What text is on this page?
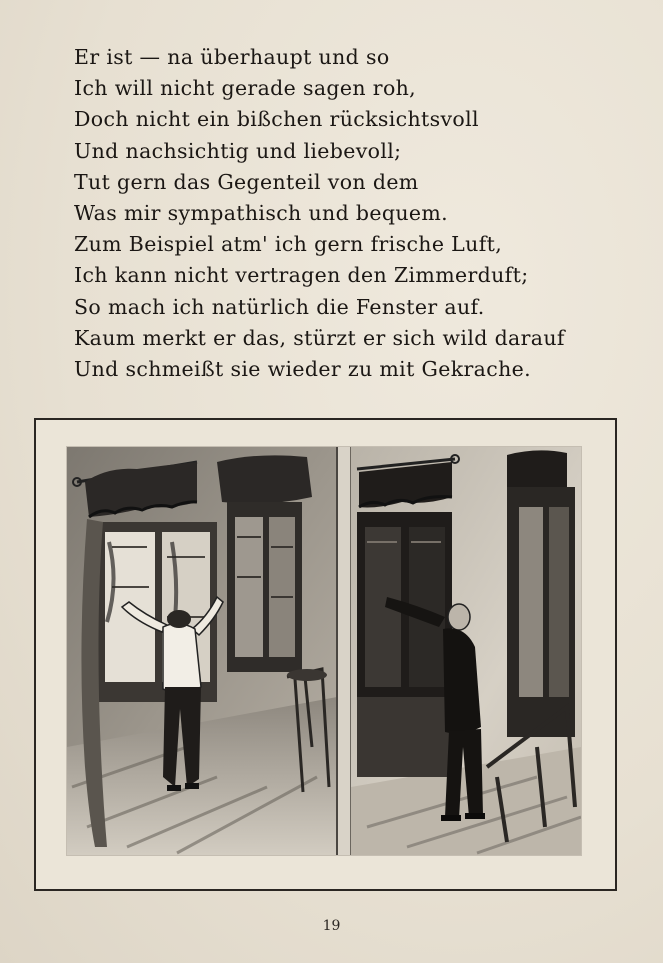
Er ist — na überhaupt und so
Ich will nicht gerade sagen roh,
Doch nicht ein bißchen rücksichtsvoll
Und nachsichtig und liebevoll;
Tut gern das Gegenteil von dem
Was mir sympathisch und bequem.
Zum Beispiel atm' ich gern frische Luft,
Ich kann nicht vertragen den Zimmerduft;
So mach ich natürlich die Fenster auf.
Kaum merkt er das, stürzt er sich wild darauf
Und schmeißt sie wieder zu mit Gekrache.
19
